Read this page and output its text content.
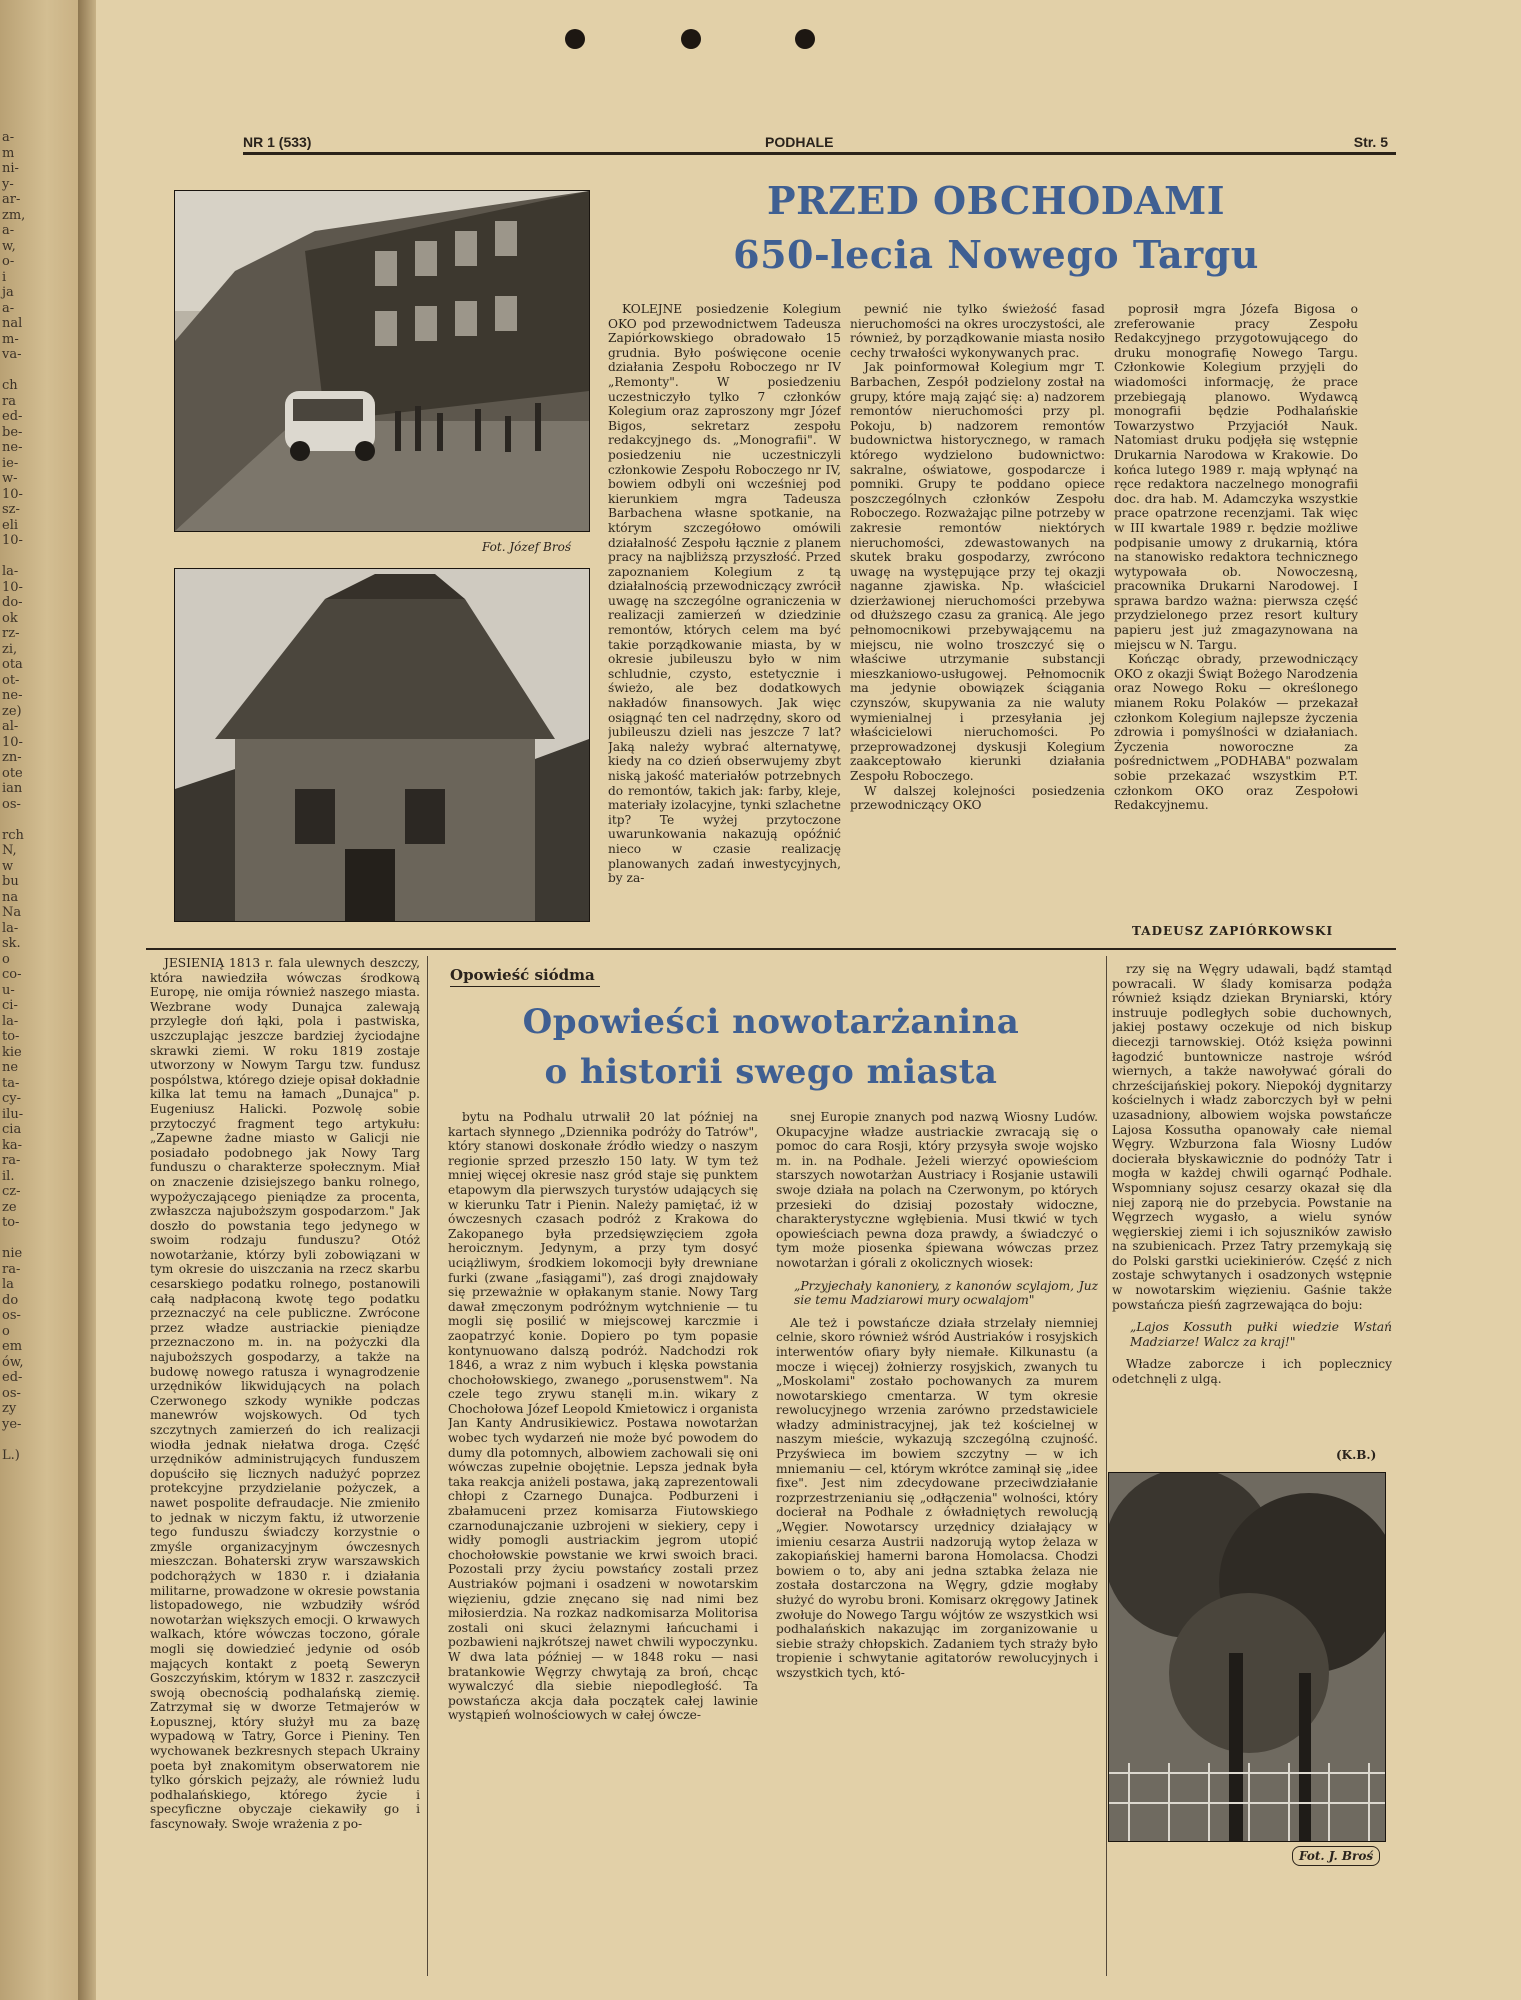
a-
m
ni-
y-
ar-
zm,
a-
w,
o-
i
ja
a-
nal
m-
va-

ch
ra
ed-
be-
ne-
ie-
w-
10-
sz-
eli
10-

la-
10-
do-
ok
rz-
zi,
ota
ot-
ne-
ze)
al-
10-
zn-
ote
ian
os-

rch
N,
w
bu
na
Na
la-
sk.
o
co-
u-
ci-
la-
to-
kie
ne
ta-
cy-
ilu-
cia
ka-
ra-
il.
cz-
ze
to-

nie
ra-
la
do
os-
o
em
ów,
ed-
os-
zy
ye-

L.)
NR 1 (533)	PODHALE	Str. 5
Fot. Józef Broś
PRZED OBCHODAMI
650-lecia Nowego Targu

KOLEJNE posiedzenie Kolegium OKO pod przewodnictwem Tadeusza Zapiórkowskiego obradowało 15 grudnia. Było poświęcone ocenie działania Zespołu Roboczego nr IV „Remonty". W posiedzeniu uczestniczyło tylko 7 członków Kolegium oraz zaproszony mgr Józef Bigos, sekretarz zespołu redakcyjnego ds. „Monografii". W posiedzeniu nie uczestniczyli członkowie Zespołu Roboczego nr IV, bowiem odbyli oni wcześniej pod kierunkiem mgra Tadeusza Barbachena własne spotkanie, na którym szczegółowo omówili działalność Zespołu łącznie z planem pracy na najbliższą przyszłość. Przed zapoznaniem Kolegium z tą działalnością przewodniczący zwrócił uwagę na szczególne ograniczenia w realizacji zamierzeń w dziedzinie remontów, których celem ma być takie porządkowanie miasta, by w okresie jubileuszu było w nim schludnie, czysto, estetycznie i świeżo, ale bez dodatkowych nakładów finansowych. Jak więc osiągnąć ten cel nadrzędny, skoro od jubileuszu dzieli nas jeszcze 7 lat? Jaką należy wybrać alternatywę, kiedy na co dzień obserwujemy zbyt niską jakość materiałów potrzebnych do remontów, takich jak: farby, kleje, materiały izolacyjne, tynki szlachetne itp? Te wyżej przytoczone uwarunkowania nakazują opóźnić nieco w czasie realizację planowanych zadań inwestycyjnych, by za-

pewnić nie tylko świeżość fasad nieruchomości na okres uroczystości, ale również, by porządkowanie miasta nosiło cechy trwałości wykonywanych prac.

Jak poinformował Kolegium mgr T. Barbachen, Zespół podzielony został na grupy, które mają zająć się: a) nadzorem remontów nieruchomości przy pl. Pokoju, b) nadzorem remontów budownictwa historycznego, w ramach którego wydzielono budownictwo: sakralne, oświatowe, gospodarcze i pomniki. Grupy te poddano opiece poszczególnych członków Zespołu Roboczego. Rozważając pilne potrzeby w zakresie remontów niektórych nieruchomości, zdewastowanych na skutek braku gospodarzy, zwrócono uwagę na występujące przy tej okazji naganne zjawiska. Np. właściciel dzierżawionej nieruchomości przebywa od dłuższego czasu za granicą. Ale jego pełnomocnikowi przebywającemu na miejscu, nie wolno troszczyć się o właściwe utrzymanie substancji mieszkaniowo-usługowej. Pełnomocnik ma jedynie obowiązek ściągania czynszów, skupywania za nie waluty wymienialnej i przesyłania jej właścicielowi nieruchomości. Po przeprowadzonej dyskusji Kolegium zaakceptowało kierunki działania Zespołu Roboczego.

W dalszej kolejności posiedzenia przewodniczący OKO

poprosił mgra Józefa Bigosa o zreferowanie pracy Zespołu Redakcyjnego przygotowującego do druku monografię Nowego Targu. Członkowie Kolegium przyjęli do wiadomości informację, że prace przebiegają planowo. Wydawcą monografii będzie Podhalańskie Towarzystwo Przyjaciół Nauk. Natomiast druku podjęła się wstępnie Drukarnia Narodowa w Krakowie. Do końca lutego 1989 r. mają wpłynąć na ręce redaktora naczelnego monografii doc. dra hab. M. Adamczyka wszystkie prace opatrzone recenzjami. Tak więc w III kwartale 1989 r. będzie możliwe podpisanie umowy z drukarnią, która na stanowisko redaktora technicznego wytypowała ob. Nowoczesną, pracownika Drukarni Narodowej. I sprawa bardzo ważna: pierwsza część przydzielonego przez resort kultury papieru jest już zmagazynowana na miejscu w N. Targu.

Kończąc obrady, przewodniczący OKO z okazji Świąt Bożego Narodzenia oraz Nowego Roku — określonego mianem Roku Polaków — przekazał członkom Kolegium najlepsze życzenia zdrowia i pomyślności w działaniach. Życzenia noworoczne za pośrednictwem „PODHABA" pozwalam sobie przekazać wszystkim P.T. członkom OKO oraz Zespołowi Redakcyjnemu.

TADEUSZ ZAPIÓRKOWSKI

JESIENIĄ 1813 r. fala ulewnych deszczy, która nawiedziła wówczas środkową Europę, nie omija również naszego miasta. Wezbrane wody Dunajca zalewają przyległe doń łąki, pola i pastwiska, uszczuplając jeszcze bardziej życiodajne skrawki ziemi. W roku 1819 zostaje utworzony w Nowym Targu tzw. fundusz pospólstwa, którego dzieje opisał dokładnie kilka lat temu na łamach „Dunajca" p. Eugeniusz Halicki. Pozwolę sobie przytoczyć fragment tego artykułu: „Zapewne żadne miasto w Galicji nie posiadało podobnego jak Nowy Targ funduszu o charakterze społecznym. Miał on znaczenie dzisiejszego banku rolnego, wypożyczającego pieniądze za procenta, zwłaszcza najuboższym gospodarzom." Jak doszło do powstania tego jedynego w swoim rodzaju funduszu? Otóż nowotarżanie, którzy byli zobowiązani w tym okresie do uiszczania na rzecz skarbu cesarskiego podatku rolnego, postanowili całą nadpłaconą kwotę tego podatku przeznaczyć na cele publiczne. Zwrócone przez władze austriackie pieniądze przeznaczono m. in. na pożyczki dla najuboższych gospodarzy, a także na budowę nowego ratusza i wynagrodzenie urzędników likwidujących na polach Czerwonego szkody wynikłe podczas manewrów wojskowych. Od tych szczytnych zamierzeń do ich realizacji wiodła jednak niełatwa droga. Część urzędników administrujących funduszem dopuściło się licznych nadużyć poprzez protekcyjne przydzielanie pożyczek, a nawet pospolite defraudacje. Nie zmieniło to jednak w niczym faktu, iż utworzenie tego funduszu świadczy korzystnie o zmyśle organizacyjnym ówczesnych mieszczan. Bohaterski zryw warszawskich podchorążych w 1830 r. i działania militarne, prowadzone w okresie powstania listopadowego, nie wzbudziły wśród nowotarżan większych emocji. O krwawych walkach, które wówczas toczono, górale mogli się dowiedzieć jedynie od osób mających kontakt z poetą Seweryn Goszczyńskim, którym w 1832 r. zaszczycił swoją obecnością podhalańską ziemię. Zatrzymał się w dworze Tetmajerów w Łopusznej, który służył mu za bazę wypadową w Tatry, Gorce i Pieniny. Ten wychowanek bezkresnych stepach Ukrainy poeta był znakomitym obserwatorem nie tylko górskich pejzaży, ale również ludu podhalańskiego, którego życie i specyficzne obyczaje ciekawiły go i fascynowały. Swoje wrażenia z po-

Opowieść siódma
Opowieści nowotarżanina
o historii swego miasta

bytu na Podhalu utrwalił 20 lat później na kartach słynnego „Dziennika podróży do Tatrów", który stanowi doskonałe źródło wiedzy o naszym regionie sprzed przeszło 150 laty. W tym też mniej więcej okresie nasz gród staje się punktem etapowym dla pierwszych turystów udających się w kierunku Tatr i Pienin. Należy pamiętać, iż w ówczesnych czasach podróż z Krakowa do Zakopanego była przedsięwzięciem zgoła heroicznym. Jedynym, a przy tym dosyć uciążliwym, środkiem lokomocji były drewniane furki (zwane „fasiągami"), zaś drogi znajdowały się przeważnie w opłakanym stanie. Nowy Targ dawał zmęczonym podróżnym wytchnienie — tu mogli się posilić w miejscowej karczmie i zaopatrzyć konie. Dopiero po tym popasie kontynuowano dalszą podróż. Nadchodzi rok 1846, a wraz z nim wybuch i klęska powstania chochołowskiego, zwanego „porusenstwem". Na czele tego zrywu stanęli m.in. wikary z Chochołowa Józef Leopold Kmietowicz i organista Jan Kanty Andrusikiewicz. Postawa nowotarżan wobec tych wydarzeń nie może być powodem do dumy dla potomnych, albowiem zachowali się oni wówczas zupełnie obojętnie. Lepsza jednak była taka reakcja aniżeli postawa, jaką zaprezentowali chłopi z Czarnego Dunajca. Podburzeni i zbałamuceni przez komisarza Fiutowskiego czarnodunajczanie uzbrojeni w siekiery, cepy i widły pomogli austriackim jegrom utopić chochołowskie powstanie we krwi swoich braci. Pozostali przy życiu powstańcy zostali przez Austriaków pojmani i osadzeni w nowotarskim więzieniu, gdzie znęcano się nad nimi bez miłosierdzia. Na rozkaz nadkomisarza Molitorisa zostali oni skuci żelaznymi łańcuchami i pozbawieni najkrótszej nawet chwili wypoczynku. W dwa lata później — w 1848 roku — nasi bratankowie Węgrzy chwytają za broń, chcąc wywalczyć dla siebie niepodległość. Ta powstańcza akcja dała początek całej lawinie wystąpień wolnościowych w całej ówcze-

snej Europie znanych pod nazwą Wiosny Ludów. Okupacyjne władze austriackie zwracają się o pomoc do cara Rosji, który przysyła swoje wojsko m. in. na Podhale. Jeżeli wierzyć opowieściom starszych nowotarżan Austriacy i Rosjanie ustawili swoje działa na polach na Czerwonym, po których przesieki do dzisiaj pozostały widoczne, charakterystyczne wgłębienia. Musi tkwić w tych opowieściach pewna doza prawdy, a świadczyć o tym może piosenka śpiewana wówczas przez nowotarżan i górali z okolicznych wiosek:

„Przyjechały kanoniery, z kanonów scylajom, Juz sie temu Madziarowi mury ocwalajom"

Ale też i powstańcze działa strzelały niemniej celnie, skoro również wśród Austriaków i rosyjskich interwentów ofiary były niemałe. Kilkunastu (a mocze i więcej) żołnierzy rosyjskich, zwanych tu „Moskolami" zostało pochowanych za murem nowotarskiego cmentarza. W tym okresie rewolucyjnego wrzenia zarówno przedstawiciele władzy administracyjnej, jak też kościelnej w naszym mieście, wykazują szczególną czujność. Przyświeca im bowiem szczytny — w ich mniemaniu — cel, którym wkrótce zaminął się „idee fixe". Jest nim zdecydowane przeciwdziałanie rozprzestrzenianiu się „odłączenia" wolności, który docierał na Podhale z ówładniętych rewolucją „Węgier. Nowotarscy urzędnicy działający w imieniu cesarza Austrii nadzorują wytop żelaza w zakopiańskiej hamerni barona Homolacsa. Chodzi bowiem o to, aby ani jedna sztabka żelaza nie została dostarczona na Węgry, gdzie mogłaby służyć do wyrobu broni. Komisarz okręgowy Jatinek zwołuje do Nowego Targu wójtów ze wszystkich wsi podhalańskich nakazując im zorganizowanie u siebie straży chłopskich. Zadaniem tych straży było tropienie i schwytanie agitatorów rewolucyjnych i wszystkich tych, któ-

rzy się na Węgry udawali, bądź stamtąd powracali. W ślady komisarza podąża również ksiądz dziekan Bryniarski, który instruuje podległych sobie duchownych, jakiej postawy oczekuje od nich biskup diecezji tarnowskiej. Otóż księża powinni łagodzić buntownicze nastroje wśród wiernych, a także nawoływać górali do chrześcijańskiej pokory. Niepokój dygnitarzy kościelnych i władz zaborczych był w pełni uzasadniony, albowiem wojska powstańcze Lajosa Kossutha opanowały całe niemal Węgry. Wzburzona fala Wiosny Ludów docierała błyskawicznie do podnóży Tatr i mogła w każdej chwili ogarnąć Podhale. Wspomniany sojusz cesarzy okazał się dla niej zaporą nie do przebycia. Powstanie na Węgrzech wygasło, a wielu synów węgierskiej ziemi i ich sojuszników zawisło na szubienicach. Przez Tatry przemykają się do Polski garstki uciekinierów. Część z nich zostaje schwytanych i osadzonych wstępnie w nowotarskim więzieniu. Gaśnie także powstańcza pieśń zagrzewająca do boju:

„Lajos Kossuth pułki wiedzie Wstań Madziarze! Walcz za kraj!"

Władze zaborcze i ich poplecznicy odetchnęli z ulgą.

(K.B.)
Fot. J. Broś
